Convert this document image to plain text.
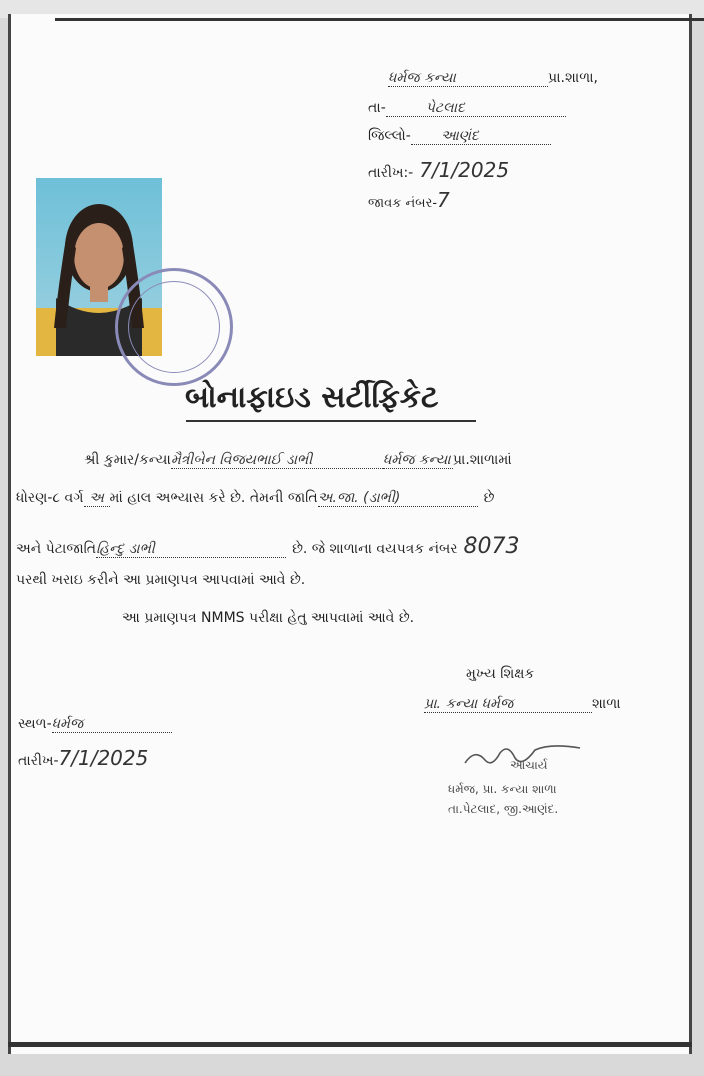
ધર્મજ કન્યા	પ્રા.શાળા,
તા-	પેટલાદ
જિલ્લો- આણંદ
તારીખ:- 7/1/2025
જાવક નંબર-7
બોનાફાઇડ સર્ટીફિકેટ
શ્રી કુમાર/કન્યામૈત્રીબેન વિજયભાઈ ડાભી	ધર્મજ કન્યા પ્રા.શાળામાં
ધોરણ-૮ વર્ગ અ માં હાલ અભ્યાસ કરે છે. તેમની જાતિઅ.જા. (ડાભી)	છે
અને પેટાજાતિહિન્દુ ડાભી	છે. જે શાળાના વયપત્રક નંબર 8073
પરથી ખરાઇ કરીને આ પ્રમાણપત્ર આપવામાં આવે છે.
આ પ્રમાણપત્ર NMMS પરીક્ષા હેતુ આપવામાં આવે છે.
મુખ્ય શિક્ષક
પ્રા. કન્યા ધર્મજ	શાળા
સ્થળ-ધર્મજ
તારીખ-7/1/2025	આચાર્ય
ધર્મજ, પ્રા. કન્યા શાળા
તા.પેટલાદ, જી.આણંદ.
